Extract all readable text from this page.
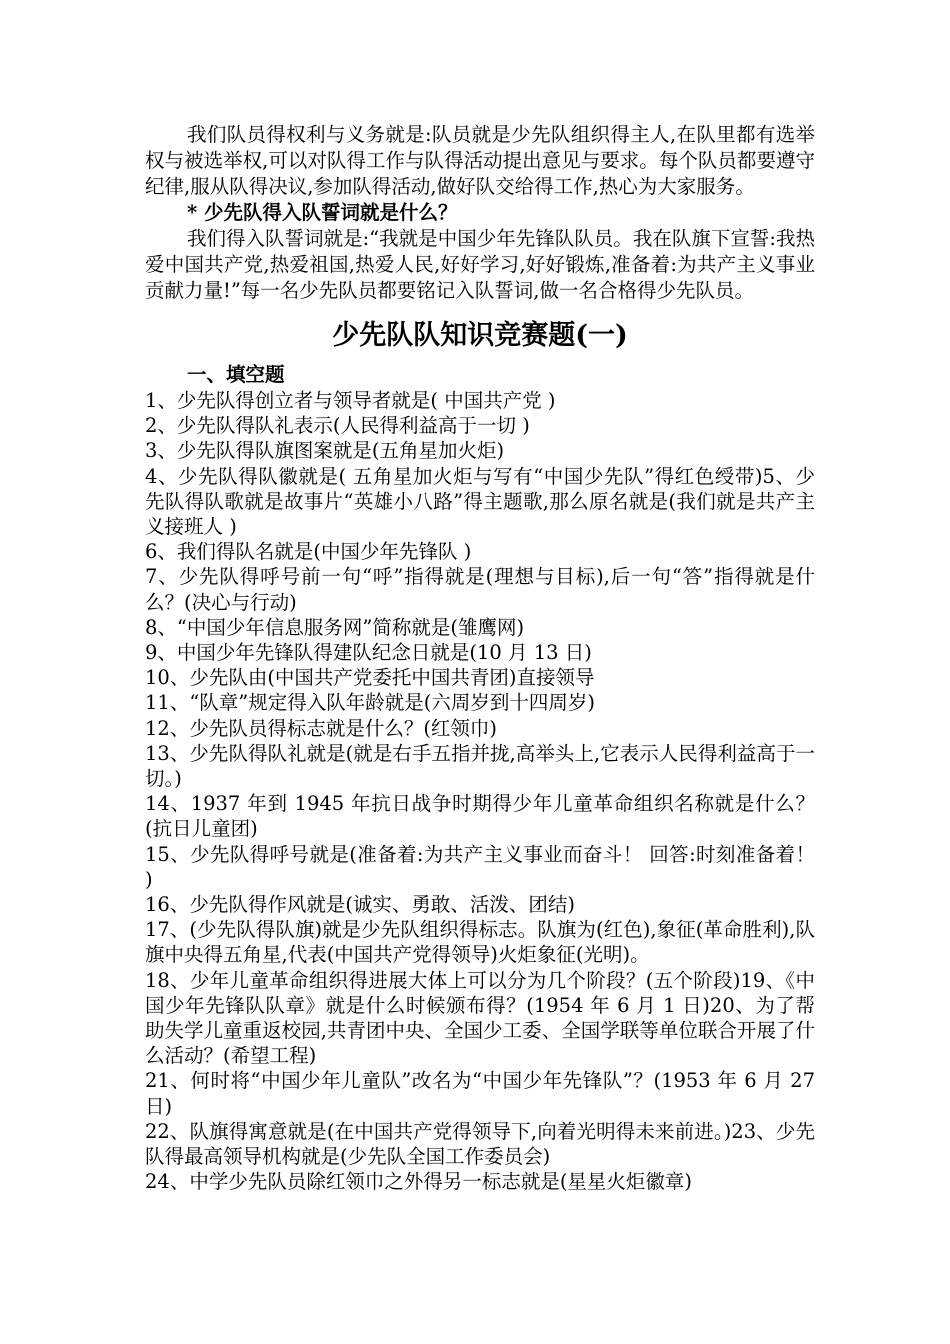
我们队员得权利与义务就是:队员就是少先队组织得主人,在队里都有选举权与被选举权,可以对队得工作与队得活动提出意见与要求。每个队员都要遵守纪律,服从队得决议,参加队得活动,做好队交给得工作,热心为大家服务。

* 少先队得入队誓词就是什么？

我们得入队誓词就是:“我就是中国少年先锋队队员。我在队旗下宣誓:我热爱中国共产党,热爱祖国,热爱人民,好好学习,好好锻炼,准备着:为共产主义事业贡献力量!”每一名少先队员都要铭记入队誓词,做一名合格得少先队员。

少先队队知识竞赛题(一)

一、填空题

1、少先队得创立者与领导者就是( 中国共产党 )

2、少先队得队礼表示(人民得利益高于一切 )

3、少先队得队旗图案就是(五角星加火炬)

4、少先队得队徽就是( 五角星加火炬与写有“中国少先队”得红色绶带)5、少先队得队歌就是故事片“英雄小八路”得主题歌,那么原名就是(我们就是共产主义接班人 )

6、我们得队名就是(中国少年先锋队 )

7、少先队得呼号前一句“呼”指得就是(理想与目标),后一句“答”指得就是什么？(决心与行动)

8、“中国少年信息服务网”简称就是(雏鹰网)

9、中国少年先锋队得建队纪念日就是(10 月 13 日)

10、少先队由(中国共产党委托中国共青团)直接领导

11、“队章”规定得入队年龄就是(六周岁到十四周岁)

12、少先队员得标志就是什么？(红领巾)

13、少先队得队礼就是(就是右手五指并拢,高举头上,它表示人民得利益高于一切。)

14、1937 年到 1945 年抗日战争时期得少年儿童革命组织名称就是什么？(抗日儿童团)

15、少先队得呼号就是(准备着:为共产主义事业而奋斗！ 回答:时刻准备着！ )

16、少先队得作风就是(诚实、勇敢、活泼、团结)

17、(少先队得队旗)就是少先队组织得标志。队旗为(红色),象征(革命胜利),队旗中央得五角星,代表(中国共产党得领导)火炬象征(光明)。

18、少年儿童革命组织得进展大体上可以分为几个阶段？(五个阶段)19、《中国少年先锋队队章》就是什么时候颁布得？(1954 年 6 月 1 日)20、为了帮助失学儿童重返校园,共青团中央、全国少工委、全国学联等单位联合开展了什么活动？(希望工程)

21、何时将“中国少年儿童队”改名为“中国少年先锋队”？(1953 年 6 月 27 日)

22、队旗得寓意就是(在中国共产党得领导下,向着光明得未来前进。)23、少先队得最高领导机构就是(少先队全国工作委员会)

24、中学少先队员除红领巾之外得另一标志就是(星星火炬徽章)
